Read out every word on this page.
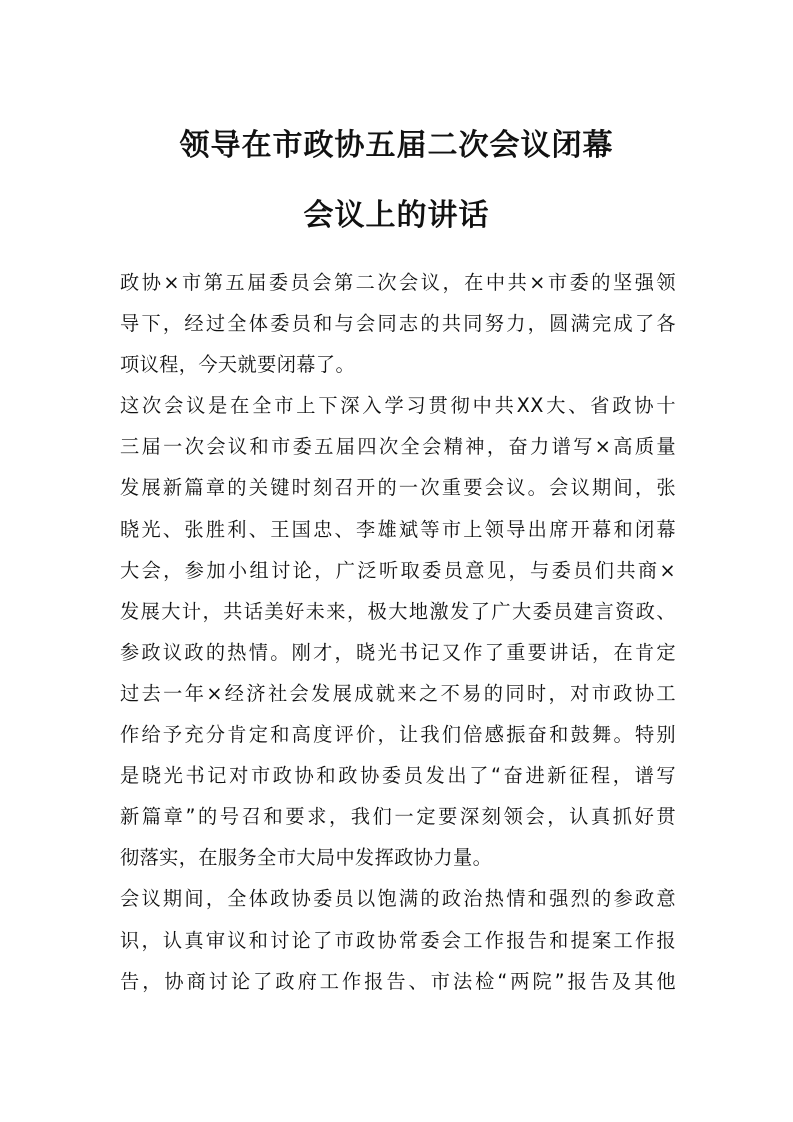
领导在市政协五届二次会议闭幕
会议上的讲话
政协×市第五届委员会第二次会议，在中共×市委的坚强领
导下，经过全体委员和与会同志的共同努力，圆满完成了各
项议程，今天就要闭幕了。
这次会议是在全市上下深入学习贯彻中共XX大、省政协十
三届一次会议和市委五届四次全会精神，奋力谱写×高质量
发展新篇章的关键时刻召开的一次重要会议。会议期间，张
晓光、张胜利、王国忠、李雄斌等市上领导出席开幕和闭幕
大会，参加小组讨论，广泛听取委员意见，与委员们共商×
发展大计，共话美好未来，极大地激发了广大委员建言资政、
参政议政的热情。刚才，晓光书记又作了重要讲话，在肯定
过去一年×经济社会发展成就来之不易的同时，对市政协工
作给予充分肯定和高度评价，让我们倍感振奋和鼓舞。特别
是晓光书记对市政协和政协委员发出了“奋进新征程，谱写
新篇章”的号召和要求，我们一定要深刻领会，认真抓好贯
彻落实，在服务全市大局中发挥政协力量。
会议期间，全体政协委员以饱满的政治热情和强烈的参政意
识，认真审议和讨论了市政协常委会工作报告和提案工作报
告，协商讨论了政府工作报告、市法检“两院”报告及其他
